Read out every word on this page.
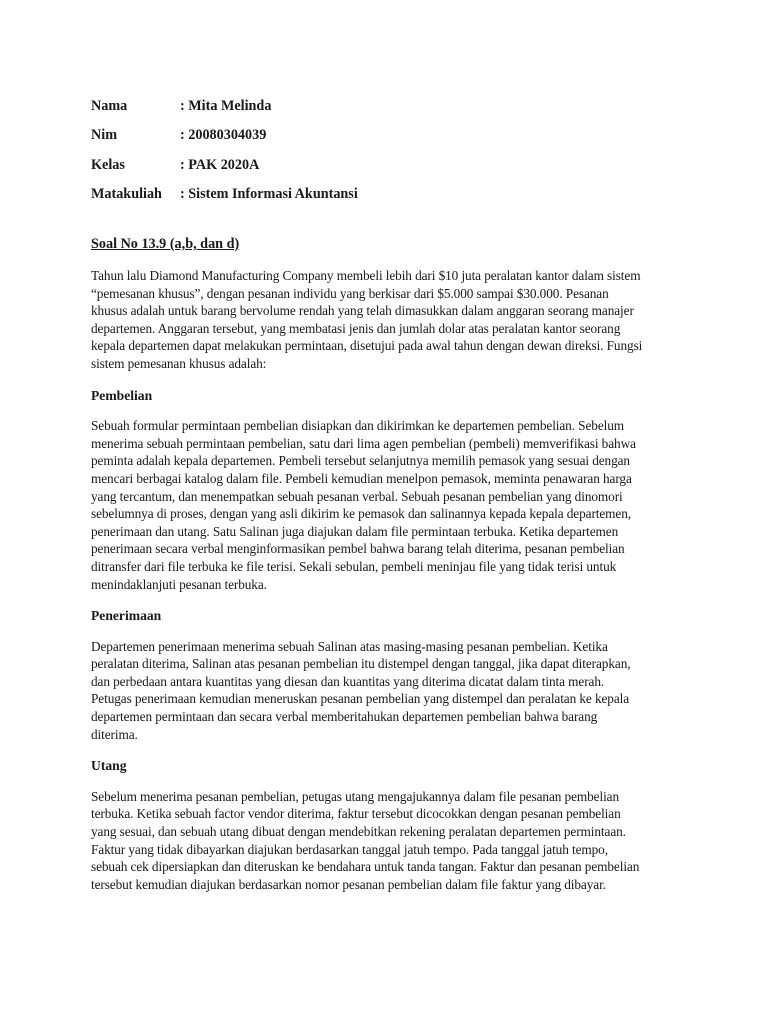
Nama	: Mita Melinda
Nim	: 20080304039
Kelas	: PAK 2020A
Matakuliah	: Sistem Informasi Akuntansi
Soal No 13.9 (a,b, dan d)
Tahun lalu Diamond Manufacturing Company membeli lebih dari $10 juta peralatan kantor dalam sistem
“pemesanan khusus”, dengan pesanan individu yang berkisar dari $5.000 sampai $30.000. Pesanan
khusus adalah untuk barang bervolume rendah yang telah dimasukkan dalam anggaran seorang manajer
departemen. Anggaran tersebut, yang membatasi jenis dan jumlah dolar atas peralatan kantor seorang
kepala departemen dapat melakukan permintaan, disetujui pada awal tahun dengan dewan direksi. Fungsi
sistem pemesanan khusus adalah:
Pembelian
Sebuah formular permintaan pembelian disiapkan dan dikirimkan ke departemen pembelian. Sebelum
menerima sebuah permintaan pembelian, satu dari lima agen pembelian (pembeli) memverifikasi bahwa
peminta adalah kepala departemen. Pembeli tersebut selanjutnya memilih pemasok yang sesuai dengan
mencari berbagai katalog dalam file. Pembeli kemudian menelpon pemasok, meminta penawaran harga
yang tercantum, dan menempatkan sebuah pesanan verbal. Sebuah pesanan pembelian yang dinomori
sebelumnya di proses, dengan yang asli dikirim ke pemasok dan salinannya kepada kepala departemen,
penerimaan dan utang. Satu Salinan juga diajukan dalam file permintaan terbuka. Ketika departemen
penerimaan secara verbal menginformasikan pembel bahwa barang telah diterima, pesanan pembelian
ditransfer dari file terbuka ke file terisi. Sekali sebulan, pembeli meninjau file yang tidak terisi untuk
menindaklanjuti pesanan terbuka.
Penerimaan
Departemen penerimaan menerima sebuah Salinan atas masing-masing pesanan pembelian. Ketika
peralatan diterima, Salinan atas pesanan pembelian itu distempel dengan tanggal, jika dapat diterapkan,
dan perbedaan antara kuantitas yang diesan dan kuantitas yang diterima dicatat dalam tinta merah.
Petugas penerimaan kemudian meneruskan pesanan pembelian yang distempel dan peralatan ke kepala
departemen permintaan dan secara verbal memberitahukan departemen pembelian bahwa barang
diterima.
Utang
Sebelum menerima pesanan pembelian, petugas utang mengajukannya dalam file pesanan pembelian
terbuka. Ketika sebuah factor vendor diterima, faktur tersebut dicocokkan dengan pesanan pembelian
yang sesuai, dan sebuah utang dibuat dengan mendebitkan rekening peralatan departemen permintaan.
Faktur yang tidak dibayarkan diajukan berdasarkan tanggal jatuh tempo. Pada tanggal jatuh tempo,
sebuah cek dipersiapkan dan diteruskan ke bendahara untuk tanda tangan. Faktur dan pesanan pembelian
tersebut kemudian diajukan berdasarkan nomor pesanan pembelian dalam file faktur yang dibayar.
